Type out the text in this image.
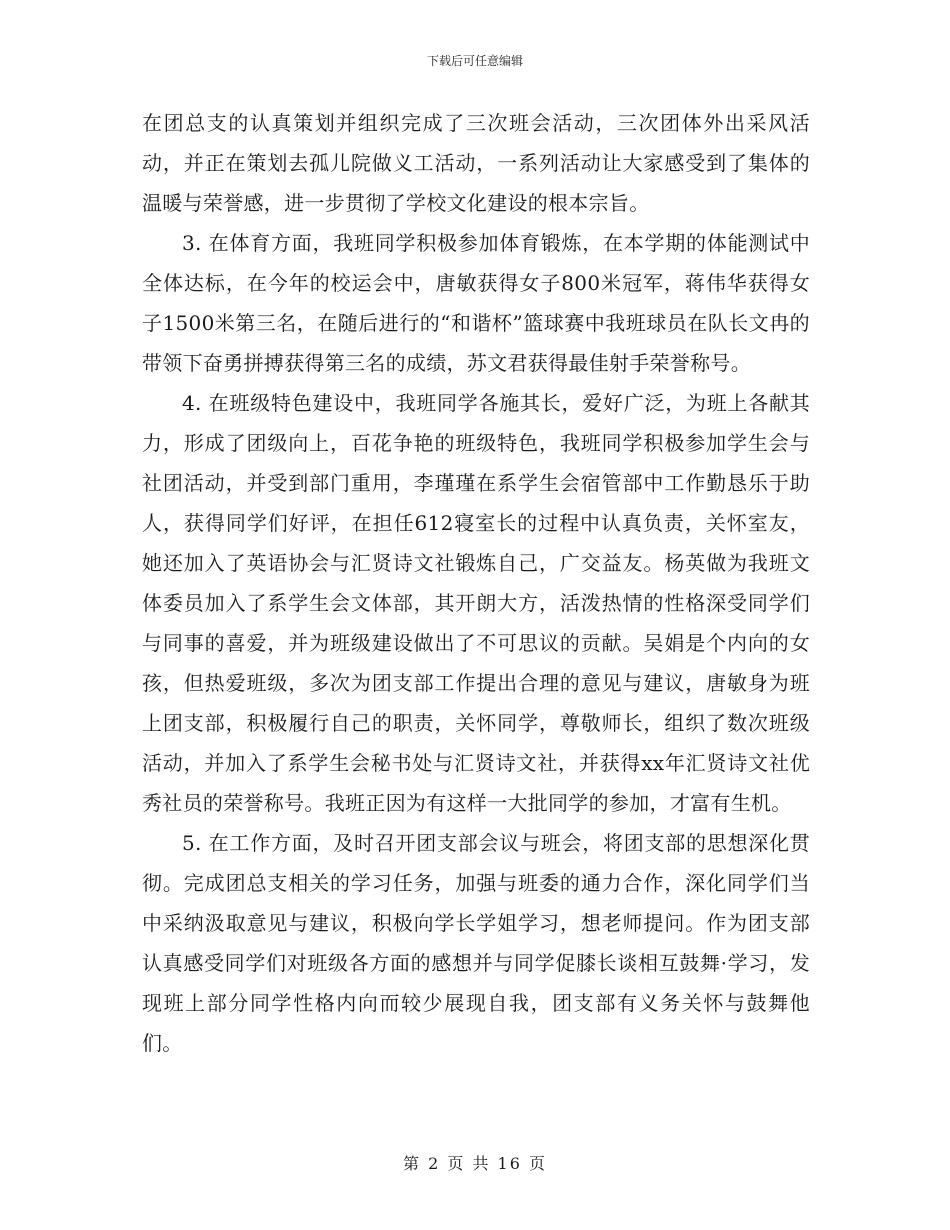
下载后可任意编辑

在团总支的认真策划并组织完成了三次班会活动，三次团体外出采风活动，并正在策划去孤儿院做义工活动，一系列活动让大家感受到了集体的温暖与荣誉感，进一步贯彻了学校文化建设的根本宗旨。

3. 在体育方面，我班同学积极参加体育锻炼，在本学期的体能测试中全体达标，在今年的校运会中，唐敏获得女子800米冠军，蒋伟华获得女子1500米第三名，在随后进行的“和谐杯”篮球赛中我班球员在队长文冉的带领下奋勇拼搏获得第三名的成绩，苏文君获得最佳射手荣誉称号。

4. 在班级特色建设中，我班同学各施其长，爱好广泛，为班上各献其力，形成了团级向上，百花争艳的班级特色，我班同学积极参加学生会与社团活动，并受到部门重用，李瑾瑾在系学生会宿管部中工作勤恳乐于助人，获得同学们好评，在担任612寝室长的过程中认真负责，关怀室友，她还加入了英语协会与汇贤诗文社锻炼自己，广交益友。杨英做为我班文体委员加入了系学生会文体部，其开朗大方，活泼热情的性格深受同学们与同事的喜爱，并为班级建设做出了不可思议的贡献。吴娟是个内向的女孩，但热爱班级，多次为团支部工作提出合理的意见与建议，唐敏身为班上团支部，积极履行自己的职责，关怀同学，尊敬师长，组织了数次班级活动，并加入了系学生会秘书处与汇贤诗文社，并获得xx年汇贤诗文社优秀社员的荣誉称号。我班正因为有这样一大批同学的参加，才富有生机。

5. 在工作方面，及时召开团支部会议与班会，将团支部的思想深化贯彻。完成团总支相关的学习任务，加强与班委的通力合作，深化同学们当中采纳汲取意见与建议，积极向学长学姐学习，想老师提问。作为团支部认真感受同学们对班级各方面的感想并与同学促膝长谈相互鼓舞·学习，发现班上部分同学性格内向而较少展现自我，团支部有义务关怀与鼓舞他们。

第 2 页 共 16 页
